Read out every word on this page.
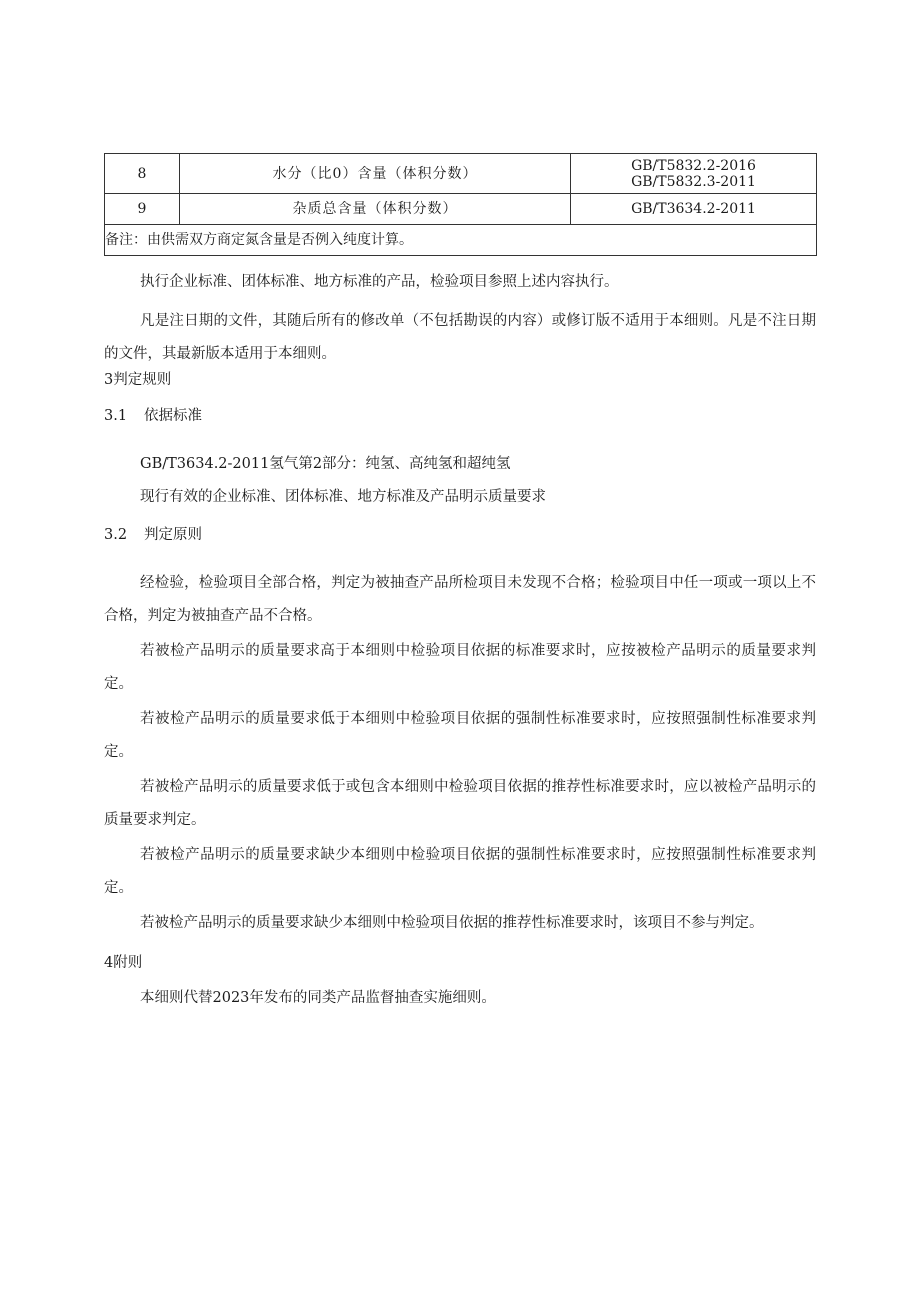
8	水分（比0）含量（体积分数）	GB/T5832.2-2016
GB/T5832.3-2011

9	杂质总含量（体积分数）	GB/T3634.2-2011

备注：由供需双方商定氮含量是否例入纯度计算。		

执行企业标准、团体标准、地方标准的产品，检验项目参照上述内容执行。

凡是注日期的文件，其随后所有的修改单（不包括勘误的内容）或修订版不适用于本细则。凡是不注日期的文件，其最新版本适用于本细则。

3判定规则
3.1 依据标准
GB/T3634.2-2011氢气第2部分：纯氢、高纯氢和超纯氢
现行有效的企业标准、团体标准、地方标准及产品明示质量要求
3.2 判定原则

经检验，检验项目全部合格，判定为被抽查产品所检项目未发现不合格；检验项目中任一项或一项以上不合格，判定为被抽查产品不合格。

若被检产品明示的质量要求高于本细则中检验项目依据的标准要求时，应按被检产品明示的质量要求判定。

若被检产品明示的质量要求低于本细则中检验项目依据的强制性标准要求时，应按照强制性标准要求判定。

若被检产品明示的质量要求低于或包含本细则中检验项目依据的推荐性标准要求时，应以被检产品明示的质量要求判定。

若被检产品明示的质量要求缺少本细则中检验项目依据的强制性标准要求时，应按照强制性标准要求判定。

若被检产品明示的质量要求缺少本细则中检验项目依据的推荐性标准要求时，该项目不参与判定。

4附则

本细则代替2023年发布的同类产品监督抽查实施细则。
